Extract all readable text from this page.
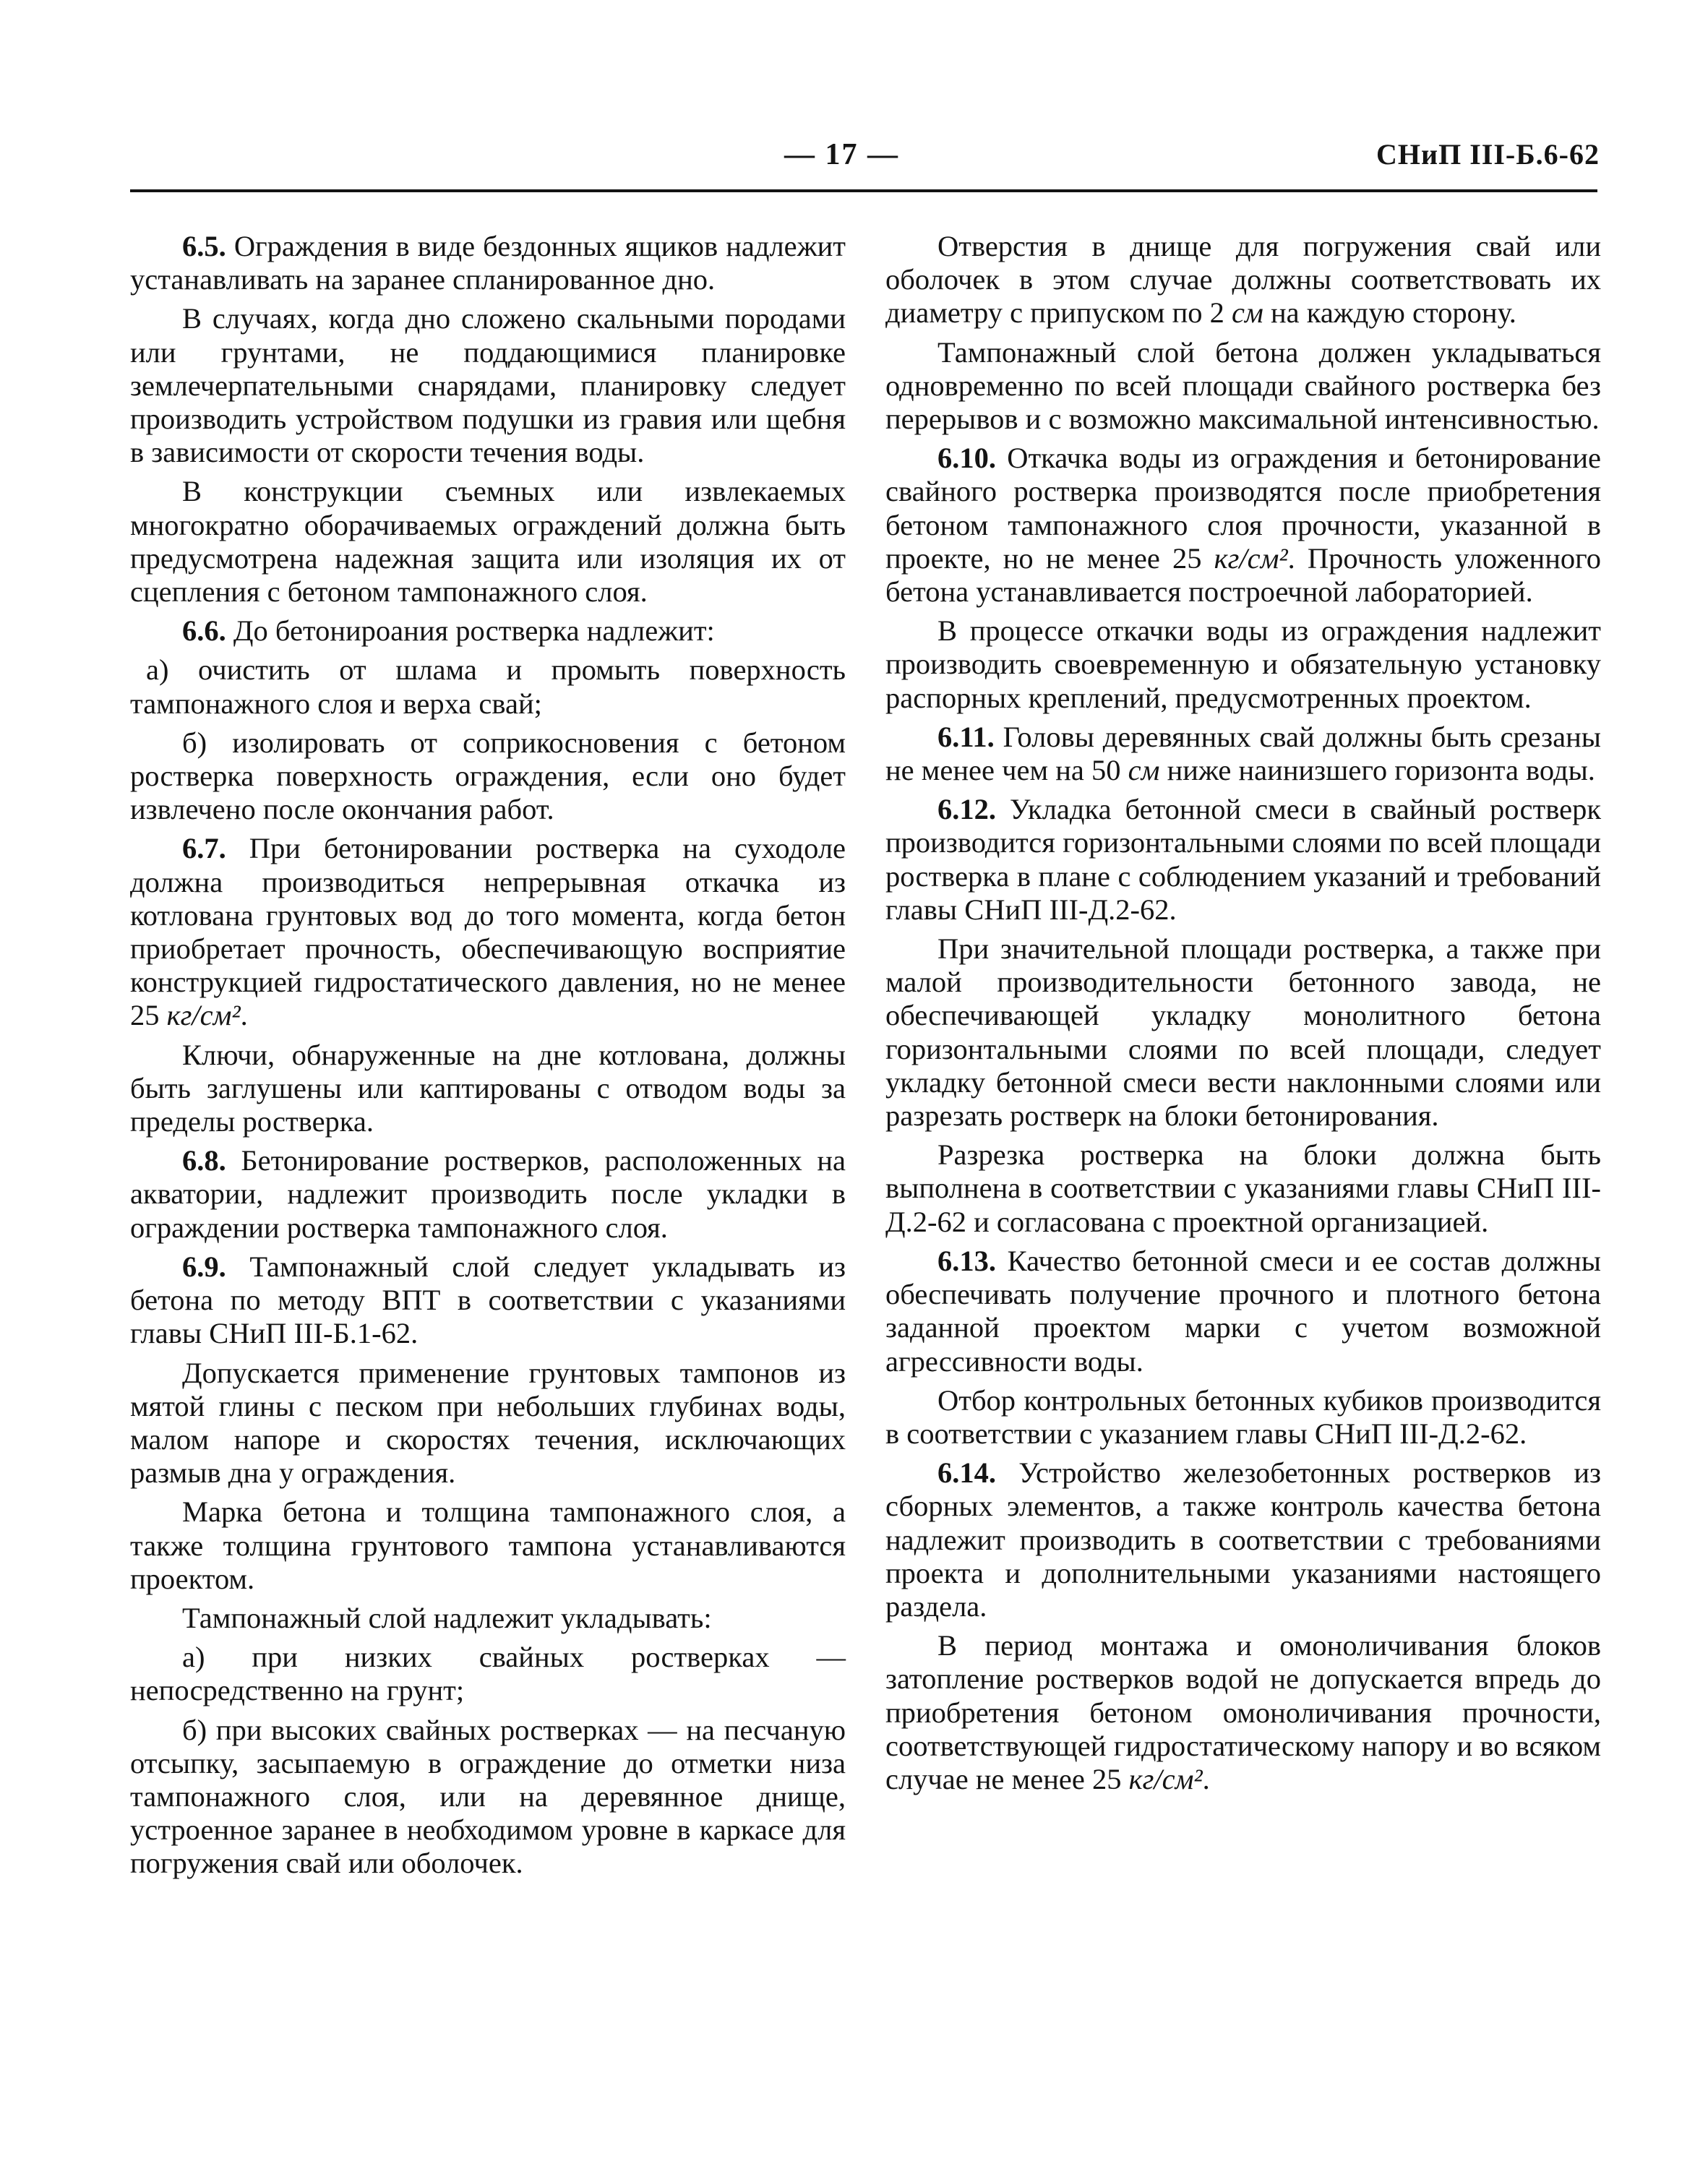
— 17 —	СНиП III-Б.6-62

6.5. Ограждения в виде бездонных ящиков надлежит устанавливать на заранее спланированное дно.

В случаях, когда дно сложено скальными породами или грунтами, не поддающимися планировке землечерпательными снарядами, планировку следует производить устройством подушки из гравия или щебня в зависимости от скорости течения воды.

В конструкции съемных или извлекаемых многократно оборачиваемых ограждений должна быть предусмотрена надежная защита или изоляция их от сцепления с бетоном тампонажного слоя.

6.6. До бетонироания ростверка надлежит:

а) очистить от шлама и промыть поверхность тампонажного слоя и верха свай;

б) изолировать от соприкосновения с бетоном ростверка поверхность ограждения, если оно будет извлечено после окончания работ.

6.7. При бетонировании ростверка на суходоле должна производиться непрерывная откачка из котлована грунтовых вод до того момента, когда бетон приобретает прочность, обеспечивающую восприятие конструкцией гидростатического давления, но не менее 25 кг/см².

Ключи, обнаруженные на дне котлована, должны быть заглушены или каптированы с отводом воды за пределы ростверка.

6.8. Бетонирование ростверков, расположенных на акватории, надлежит производить после укладки в ограждении ростверка тампонажного слоя.

6.9. Тампонажный слой следует укладывать из бетона по методу ВПТ в соответствии с указаниями главы СНиП III-Б.1-62.

Допускается применение грунтовых тампонов из мятой глины с песком при небольших глубинах воды, малом напоре и скоростях течения, исключающих размыв дна у ограждения.

Марка бетона и толщина тампонажного слоя, а также толщина грунтового тампона устанавливаются проектом.

Тампонажный слой надлежит укладывать:

а) при низких свайных ростверках — непосредственно на грунт;

б) при высоких свайных ростверках — на песчаную отсыпку, засыпаемую в ограждение до отметки низа тампонажного слоя, или на деревянное днище, устроенное заранее в необходимом уровне в каркасе для погружения свай или оболочек.

Отверстия в днище для погружения свай или оболочек в этом случае должны соответствовать их диаметру с припуском по 2 см на каждую сторону.

Тампонажный слой бетона должен укладываться одновременно по всей площади свайного ростверка без перерывов и с возможно максимальной интенсивностью.

6.10. Откачка воды из ограждения и бетонирование свайного ростверка производятся после приобретения бетоном тампонажного слоя прочности, указанной в проекте, но не менее 25 кг/см². Прочность уложенного бетона устанавливается построечной лабораторией.

В процессе откачки воды из ограждения надлежит производить своевременную и обязательную установку распорных креплений, предусмотренных проектом.

6.11. Головы деревянных свай должны быть срезаны не менее чем на 50 см ниже наинизшего горизонта воды.

6.12. Укладка бетонной смеси в свайный ростверк производится горизонтальными слоями по всей площади ростверка в плане с соблюдением указаний и требований главы СНиП III-Д.2-62.

При значительной площади ростверка, а также при малой производительности бетонного завода, не обеспечивающей укладку монолитного бетона горизонтальными слоями по всей площади, следует укладку бетонной смеси вести наклонными слоями или разрезать ростверк на блоки бетонирования.

Разрезка ростверка на блоки должна быть выполнена в соответствии с указаниями главы СНиП III-Д.2-62 и согласована с проектной организацией.

6.13. Качество бетонной смеси и ее состав должны обеспечивать получение прочного и плотного бетона заданной проектом марки с учетом возможной агрессивности воды.

Отбор контрольных бетонных кубиков производится в соответствии с указанием главы СНиП III-Д.2-62.

6.14. Устройство железобетонных ростверков из сборных элементов, а также контроль качества бетона надлежит производить в соответствии с требованиями проекта и дополнительными указаниями настоящего раздела.

В период монтажа и омоноличивания блоков затопление ростверков водой не допускается впредь до приобретения бетоном омоноличивания прочности, соответствующей гидростатическому напору и во всяком случае не менее 25 кг/см².
